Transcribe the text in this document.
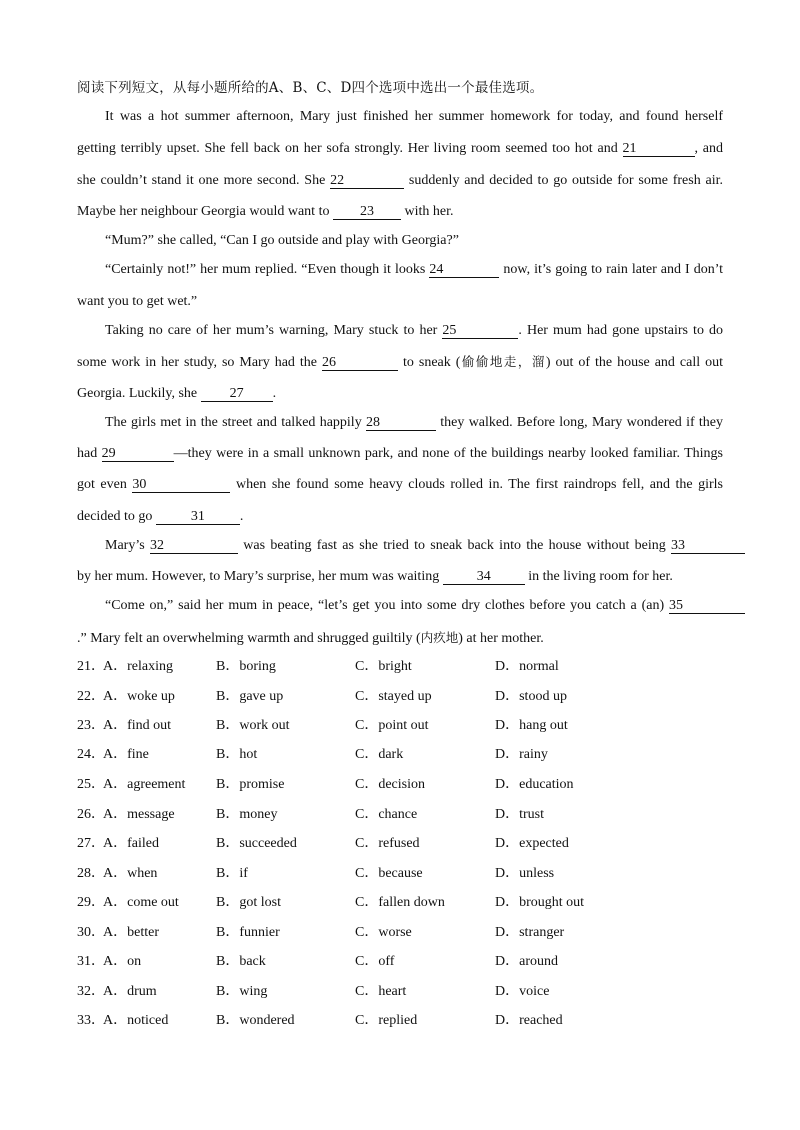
阅读下列短文，从每小题所给的A、B、C、D四个选项中选出一个最佳选项。
It was a hot summer afternoon, Mary just finished her summer homework for today, and found herself
getting terribly upset. She fell back on her sofa strongly. Her living room seemed too hot and 21	, and
she couldn’t stand it one more second. She 22	suddenly and decided to go outside for some fresh air.
Maybe her neighbour Georgia would want to 23 with her.
“Mum?” she called, “Can I go outside and play with Georgia?”
“Certainly not!” her mum replied. “Even though it looks 24	now, it’s going to rain later and I don’t
want you to get wet.”
Taking no care of her mum’s warning, Mary stuck to her 25	. Her mum had gone upstairs to do
some work in her study, so Mary had the 26	to sneak (偷偷地走，溜) out of the house and call out
Georgia. Luckily, she 27 .
The girls met in the street and talked happily 28	they walked. Before long, Mary wondered if they
had 29	—they were in a small unknown park, and none of the buildings nearby looked familiar. Things
got even 30	when she found some heavy clouds rolled in. The first raindrops fell, and the girls
decided to go	31	.
Mary’s 32	was beating fast as she tried to sneak back into the house without being 33
by her mum. However, to Mary’s surprise, her mum was waiting	34	in the living room for her.
“Come on,” said her mum in peace, “let’s get you into some dry clothes before you catch a (an) 35
.” Mary felt an overwhelming warmth and shrugged guiltily (内疚地) at her mother.
21．
A．relaxing	B．boring	C．bright	D．normal
22．
A．woke up	B．gave up	C．stayed up	D．stood up
23．
A．find out	B．work out	C．point out	D．hang out
24．
A．fine	B．hot	C．dark	D．rainy
25．
A．agreement B．promise	C．decision	D．education
26．
A．message	B．money	C．chance	D．trust
27．
A．failed	B．succeeded	C．refused	D．expected
28．
A．when	B．if	C．because	D．unless
29．
A．come out	B．got lost	C．fallen down	D．brought out
30．
A．better	B．funnier	C．worse	D．stranger
31．
A．on	B．back	C．off	D．around
32．
A．drum	B．wing	C．heart	D．voice
33．
A．noticed	B．wondered	C．replied	D．reached
